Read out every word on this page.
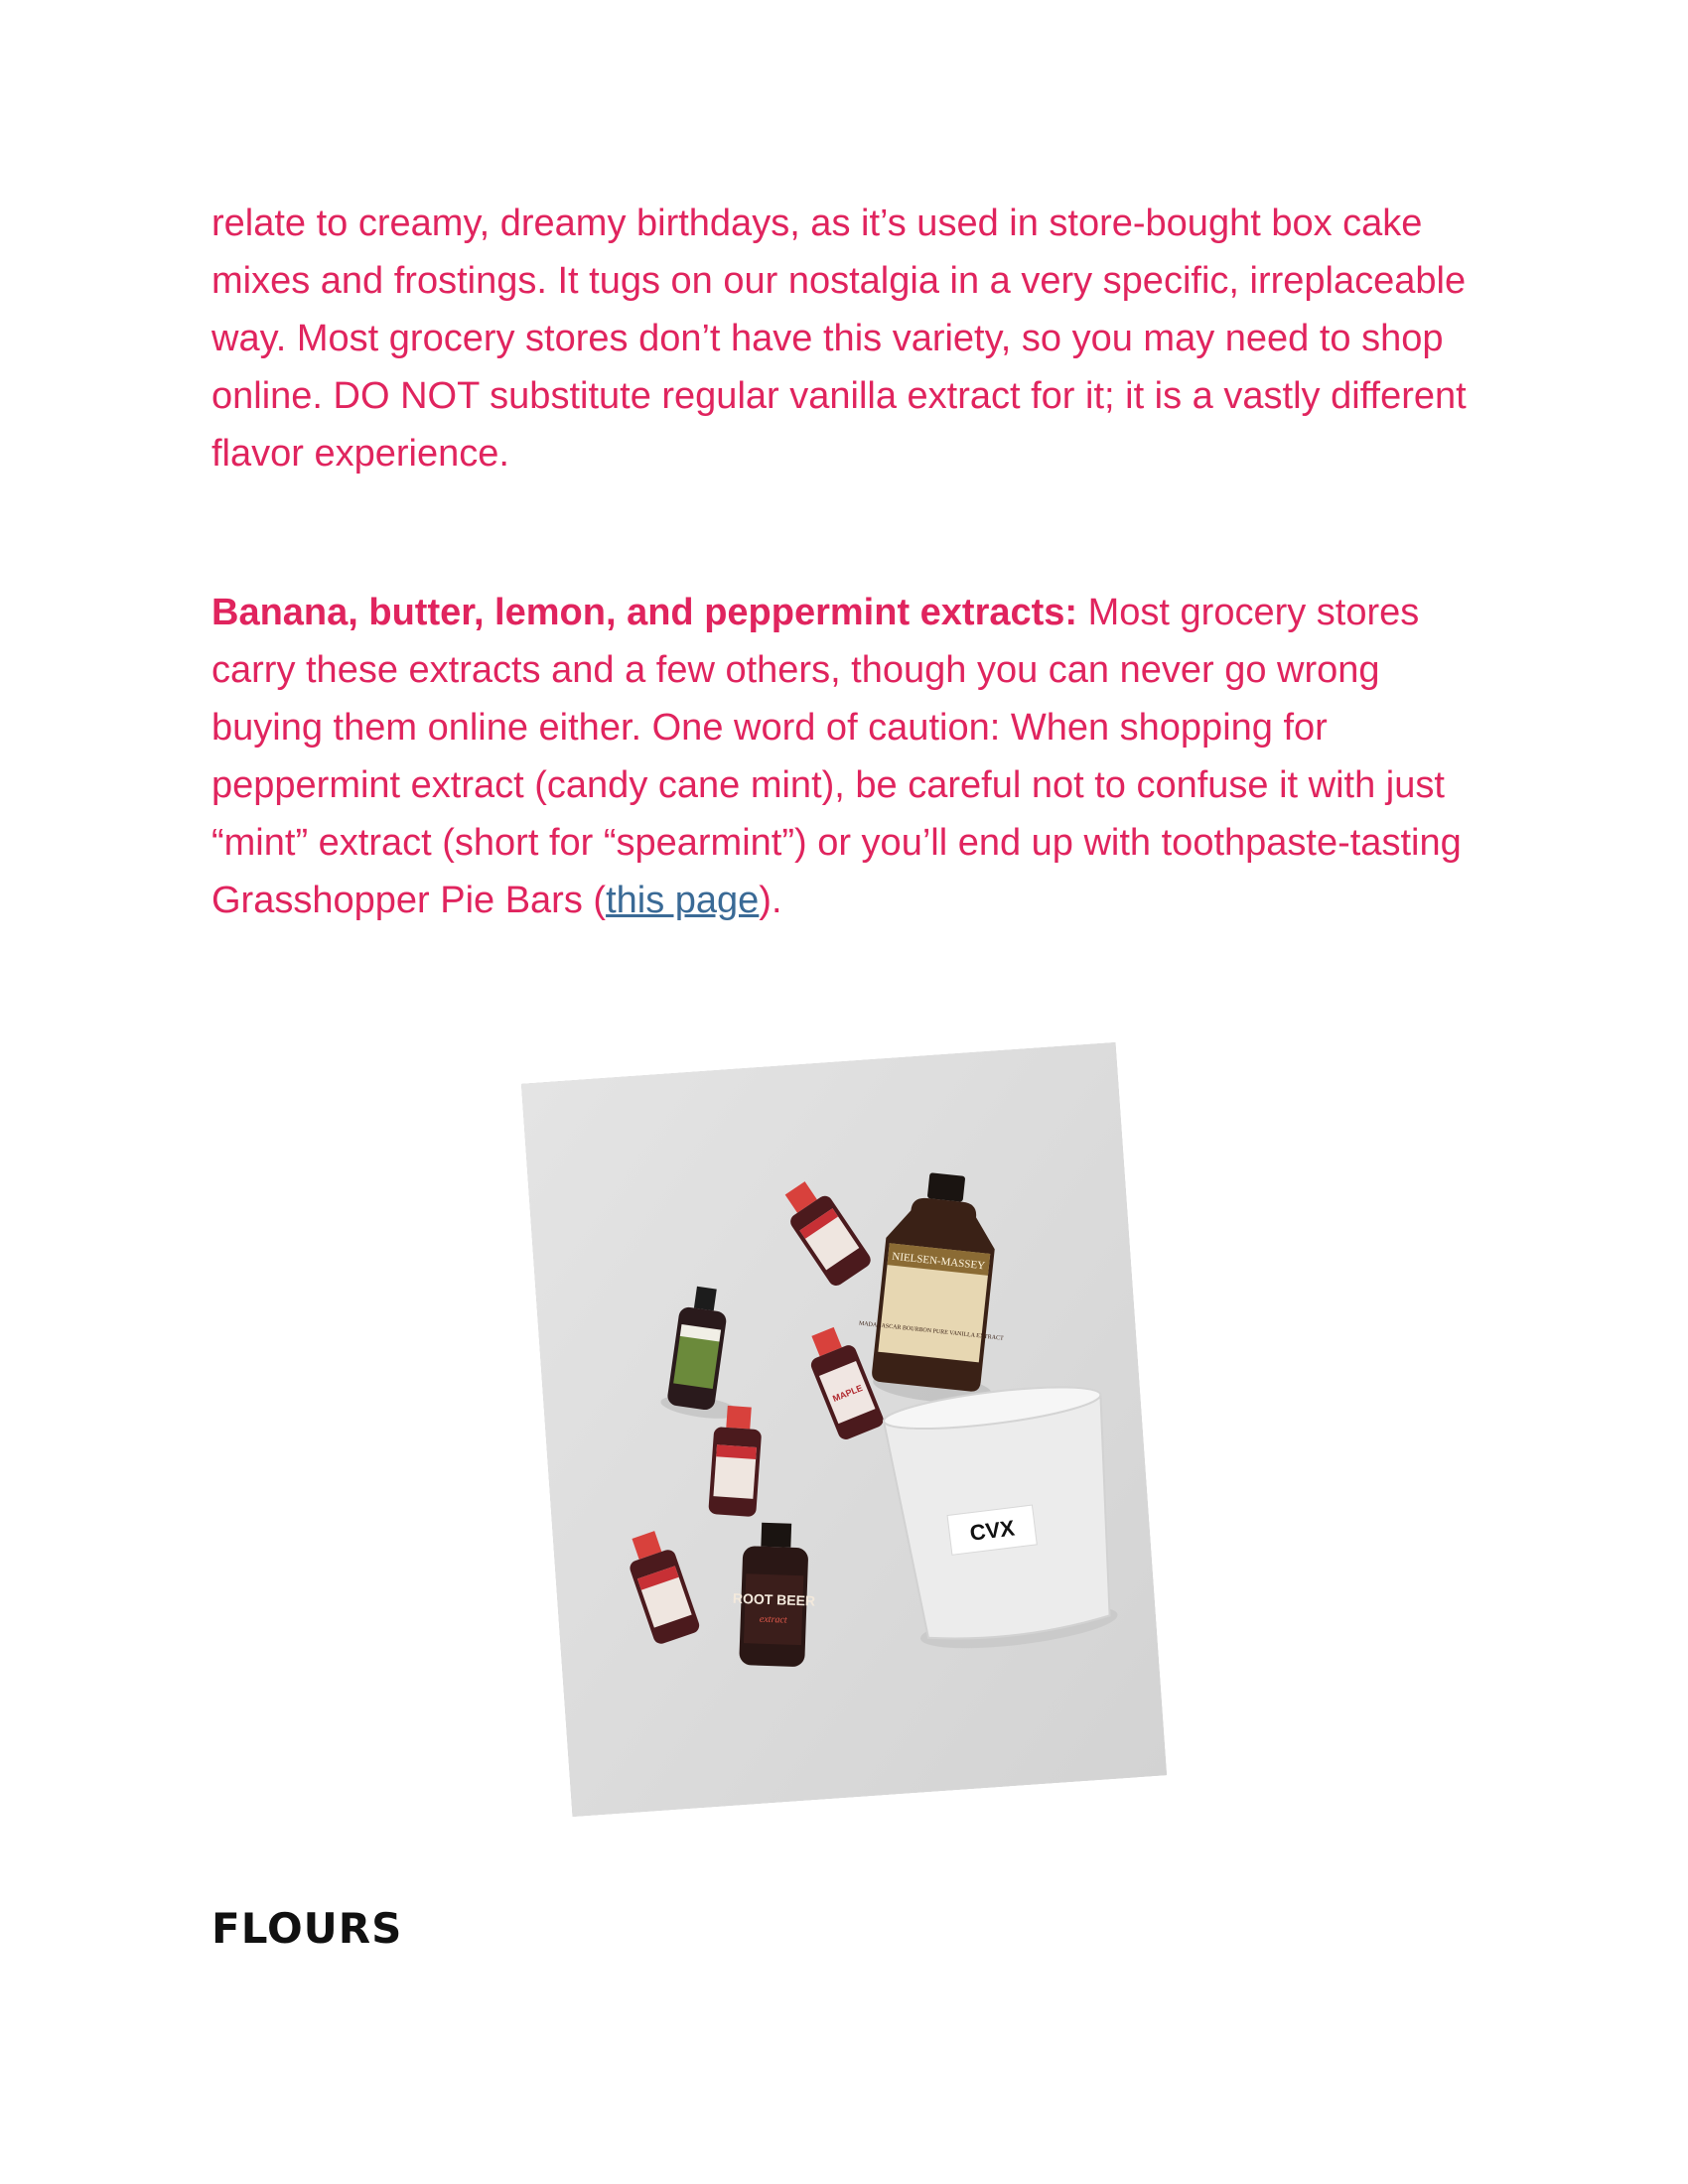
relate to creamy, dreamy birthdays, as it’s used in store-bought box cake mixes and frostings. It tugs on our nostalgia in a very specific, irreplaceable way. Most grocery stores don’t have this variety, so you may need to shop online. DO NOT substitute regular vanilla extract for it; it is a vastly different flavor experience.
Banana, butter, lemon, and peppermint extracts: Most grocery stores carry these extracts and a few others, though you can never go wrong buying them online either. One word of caution: When shopping for peppermint extract (candy cane mint), be careful not to confuse it with just “mint” extract (short for “spearmint”) or you’ll end up with toothpaste-tasting Grasshopper Pie Bars (this page).
NIELSEN-MASSEY
MADAGASCAR BOURBON PURE VANILLA EXTRACT
MAPLE
ROOT BEER
extract
CVX
FLOURS
